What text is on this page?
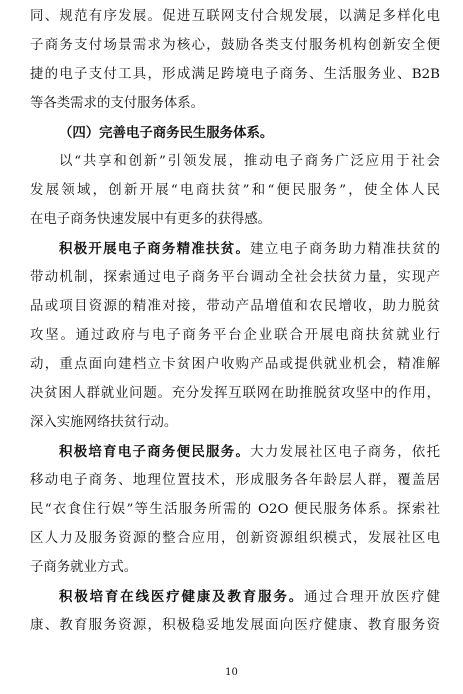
同、规范有序发展。促进互联网支付合规发展，以满足多样化电
子商务支付场景需求为核心，鼓励各类支付服务机构创新安全便
捷的电子支付工具，形成满足跨境电子商务、生活服务业、B2B
等各类需求的支付服务体系。
（四）完善电子商务民生服务体系。
以“共享和创新”引领发展，推动电子商务广泛应用于社会
发展领域，创新开展“电商扶贫”和“便民服务”，使全体人民
在电子商务快速发展中有更多的获得感。
积极开展电子商务精准扶贫。建立电子商务助力精准扶贫的
带动机制，探索通过电子商务平台调动全社会扶贫力量，实现产
品或项目资源的精准对接，带动产品增值和农民增收，助力脱贫
攻坚。通过政府与电子商务平台企业联合开展电商扶贫就业行
动，重点面向建档立卡贫困户收购产品或提供就业机会，精准解
决贫困人群就业问题。充分发挥互联网在助推脱贫攻坚中的作用，
深入实施网络扶贫行动。
积极培育电子商务便民服务。大力发展社区电子商务，依托
移动电子商务、地理位置技术，形成服务各年龄层人群，覆盖居
民“衣食住行娱”等生活服务所需的 O2O 便民服务体系。探索社
区人力及服务资源的整合应用，创新资源组织模式，发展社区电
子商务就业方式。
积极培育在线医疗健康及教育服务。通过合理开放医疗健
康、教育服务资源，积极稳妥地发展面向医疗健康、教育服务资
10
